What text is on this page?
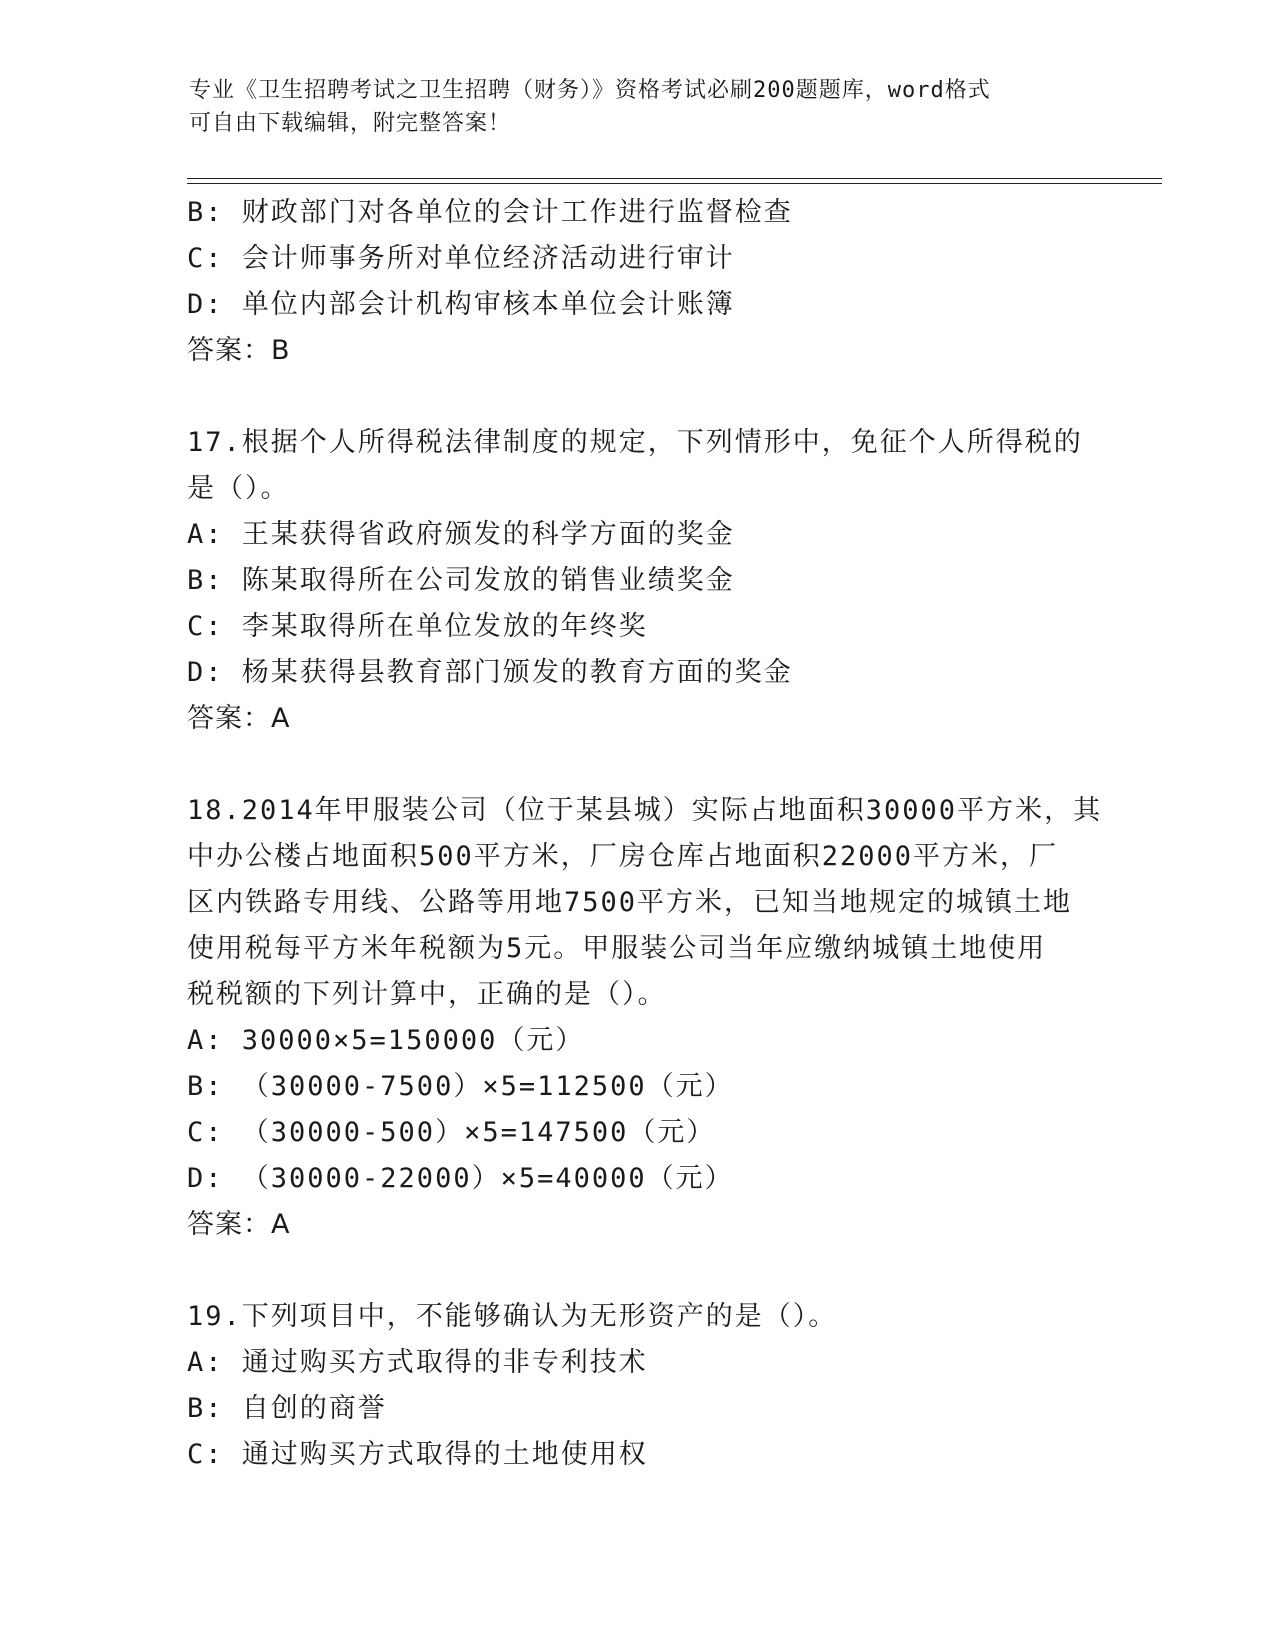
专业《卫生招聘考试之卫生招聘（财务）》资格考试必刷200题题库，word格式
可自由下载编辑，附完整答案！
B: 财政部门对各单位的会计工作进行监督检查
C: 会计师事务所对单位经济活动进行审计
D: 单位内部会计机构审核本单位会计账簿
答案：B
17.根据个人所得税法律制度的规定，下列情形中，免征个人所得税的
是（）。
A: 王某获得省政府颁发的科学方面的奖金
B: 陈某取得所在公司发放的销售业绩奖金
C: 李某取得所在单位发放的年终奖
D: 杨某获得县教育部门颁发的教育方面的奖金
答案：A
18.2014年甲服装公司（位于某县城）实际占地面积30000平方米，其
中办公楼占地面积500平方米，厂房仓库占地面积22000平方米，厂
区内铁路专用线、公路等用地7500平方米，已知当地规定的城镇土地
使用税每平方米年税额为5元。甲服装公司当年应缴纳城镇土地使用
税税额的下列计算中，正确的是（）。
A: 30000×5=150000（元）
B: （30000-7500）×5=112500（元）
C: （30000-500）×5=147500（元）
D: （30000-22000）×5=40000（元）
答案：A
19.下列项目中，不能够确认为无形资产的是（）。
A: 通过购买方式取得的非专利技术
B: 自创的商誉
C: 通过购买方式取得的土地使用权
